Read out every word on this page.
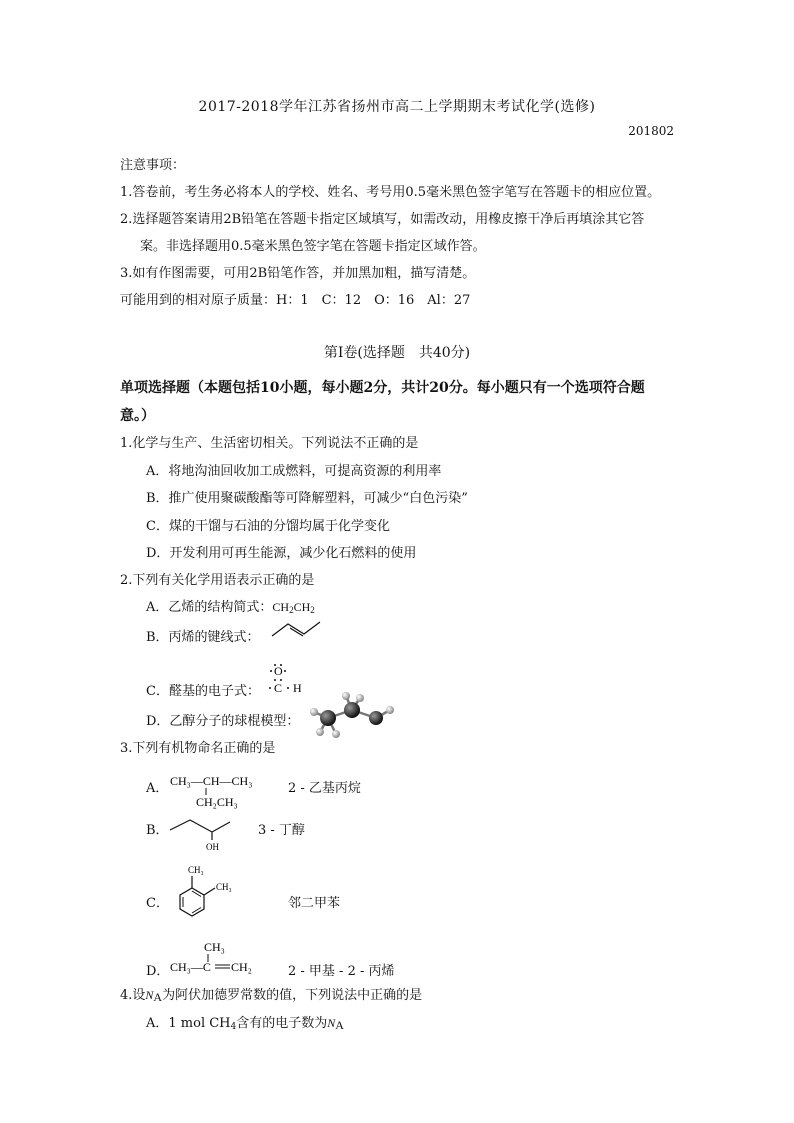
2017-2018学年江苏省扬州市高二上学期期末考试化学(选修)
201802
注意事项：
1.答卷前，考生务必将本人的学校、姓名、考号用0.5毫米黑色签字笔写在答题卡的相应位置。
2.选择题答案请用2B铅笔在答题卡指定区域填写，如需改动，用橡皮擦干净后再填涂其它答
案。非选择题用0.5毫米黑色签字笔在答题卡指定区域作答。
3.如有作图需要，可用2B铅笔作答，并加黑加粗，描写清楚。
可能用到的相对原子质量：H：1　C：12　O：16　Al：27
第Ⅰ卷(选择题　共40分)
单项选择题（本题包括10小题，每小题2分，共计20分。每小题只有一个选项符合题
意。）
1.化学与生产、生活密切相关。下列说法不正确的是
A．将地沟油回收加工成燃料，可提高资源的利用率
B．推广使用聚碳酸酯等可降解塑料，可减少“白色污染”
C．煤的干馏与石油的分馏均属于化学变化
D．开发利用可再生能源，减少化石燃料的使用
2.下列有关化学用语表示正确的是
A．乙烯的结构简式：$CH_2CH_2$
B．丙烯的键线式：
C．醛基的电子式：
O
C H
D．乙醇分子的球棍模型：
3.下列有机物命名正确的是
A． CH₃—CH—CH₃
CH₂CH₃
2 - 乙基丙烷
B．
OH
3 - 丁醇
C．
CH₃
CH₃
邻二甲苯
D．
CH₃
CH₃—C CH₂	2 - 甲基 - 2 - 丙烯
4.设$N_A$为阿伏加德罗常数的值，下列说法中正确的是
A．1 mol $CH_4$含有的电子数为$N_A$
